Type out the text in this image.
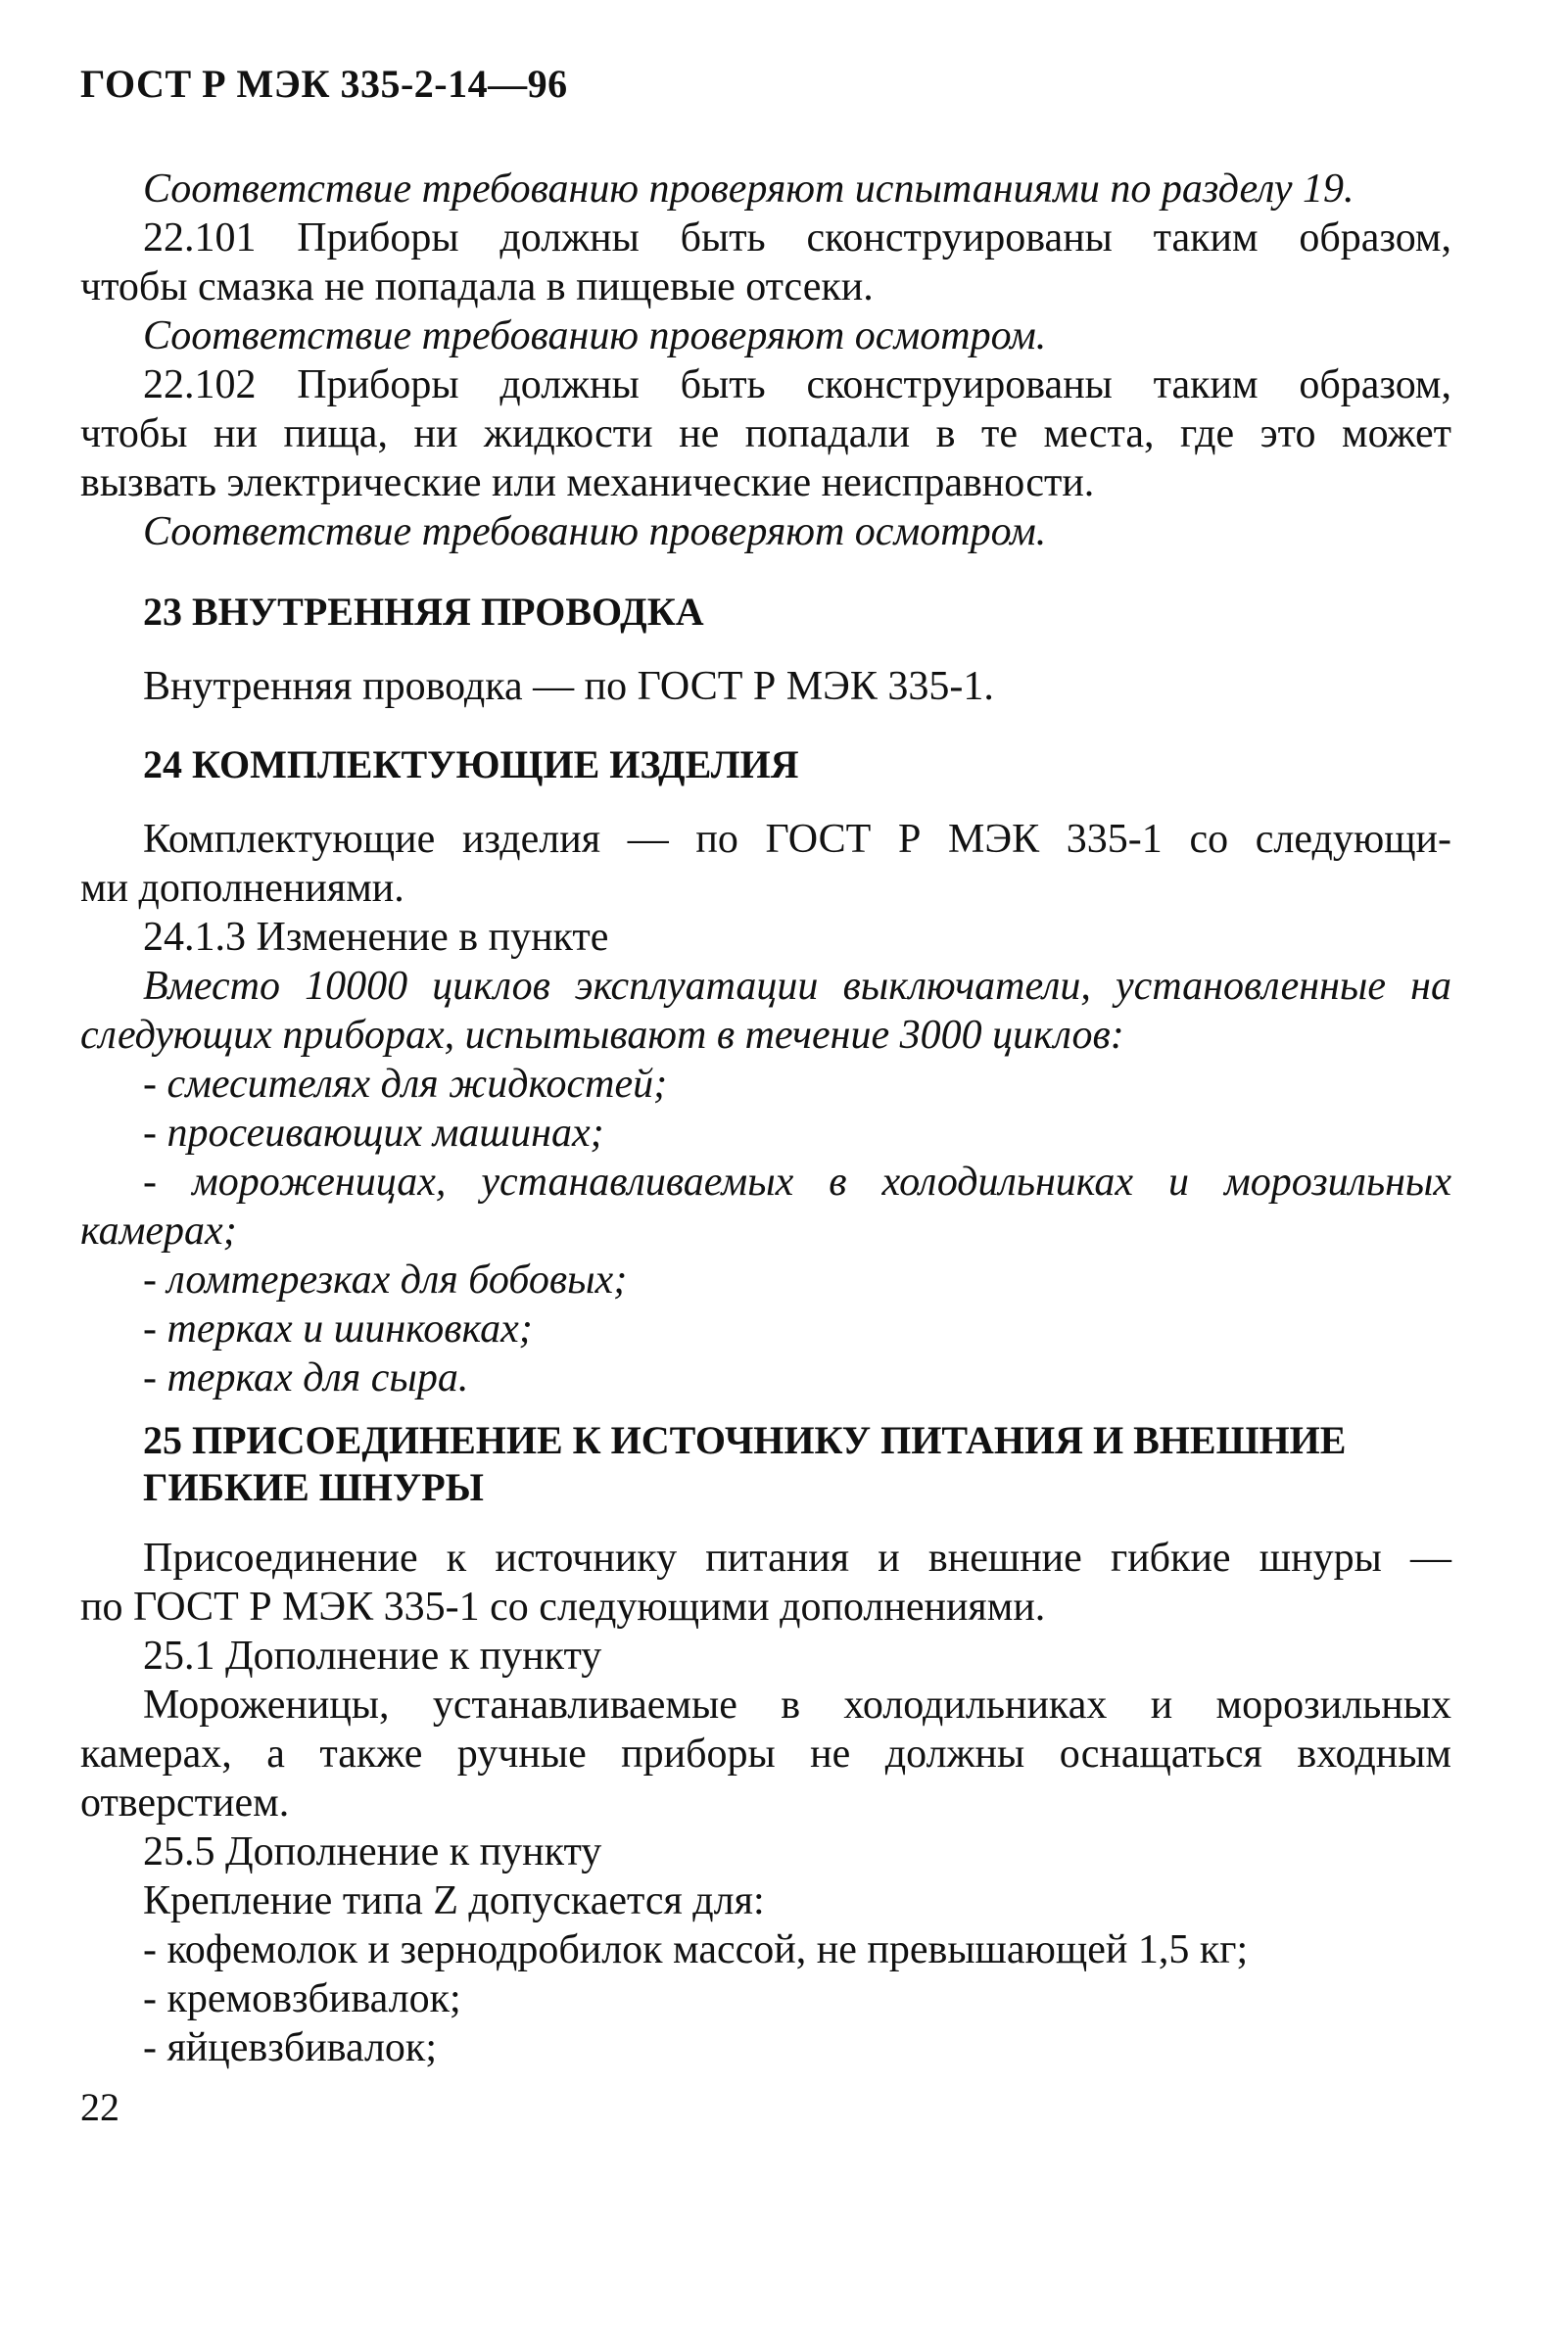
ГОСТ Р МЭК 335-2-14—96
Соответствие требованию проверяют испытаниями по разделу 19.
22.101 Приборы должны быть сконструированы таким образом,
чтобы смазка не попадала в пищевые отсеки.
Соответствие требованию проверяют осмотром.
22.102 Приборы должны быть сконструированы таким образом,
чтобы ни пища, ни жидкости не попадали в те места, где это может
вызвать электрические или механические неисправности.
Соответствие требованию проверяют осмотром.
23 ВНУТРЕННЯЯ ПРОВОДКА
Внутренняя проводка — по ГОСТ Р МЭК 335-1.
24 КОМПЛЕКТУЮЩИЕ ИЗДЕЛИЯ
Комплектующие изделия — по ГОСТ Р МЭК 335-1 со следующи-
ми дополнениями.
24.1.3 Изменение в пункте
Вместо 10000 циклов эксплуатации выключатели, установленные на
следующих приборах, испытывают в течение 3000 циклов:
- смесителях для жидкостей;
- просеивающих машинах;
- мороженицах, устанавливаемых в холодильниках и морозильных
камерах;
- ломтерезках для бобовых;
- терках и шинковках;
- терках для сыра.
25 ПРИСОЕДИНЕНИЕ К ИСТОЧНИКУ ПИТАНИЯ И ВНЕШНИЕ
ГИБКИЕ ШНУРЫ
Присоединение к источнику питания и внешние гибкие шнуры —
по ГОСТ Р МЭК 335-1 со следующими дополнениями.
25.1 Дополнение к пункту
Мороженицы, устанавливаемые в холодильниках и морозильных
камерах, а также ручные приборы не должны оснащаться входным
отверстием.
25.5 Дополнение к пункту
Крепление типа Z допускается для:
- кофемолок и зернодробилок массой, не превышающей 1,5 кг;
- кремовзбивалок;
- яйцевзбивалок;
22
